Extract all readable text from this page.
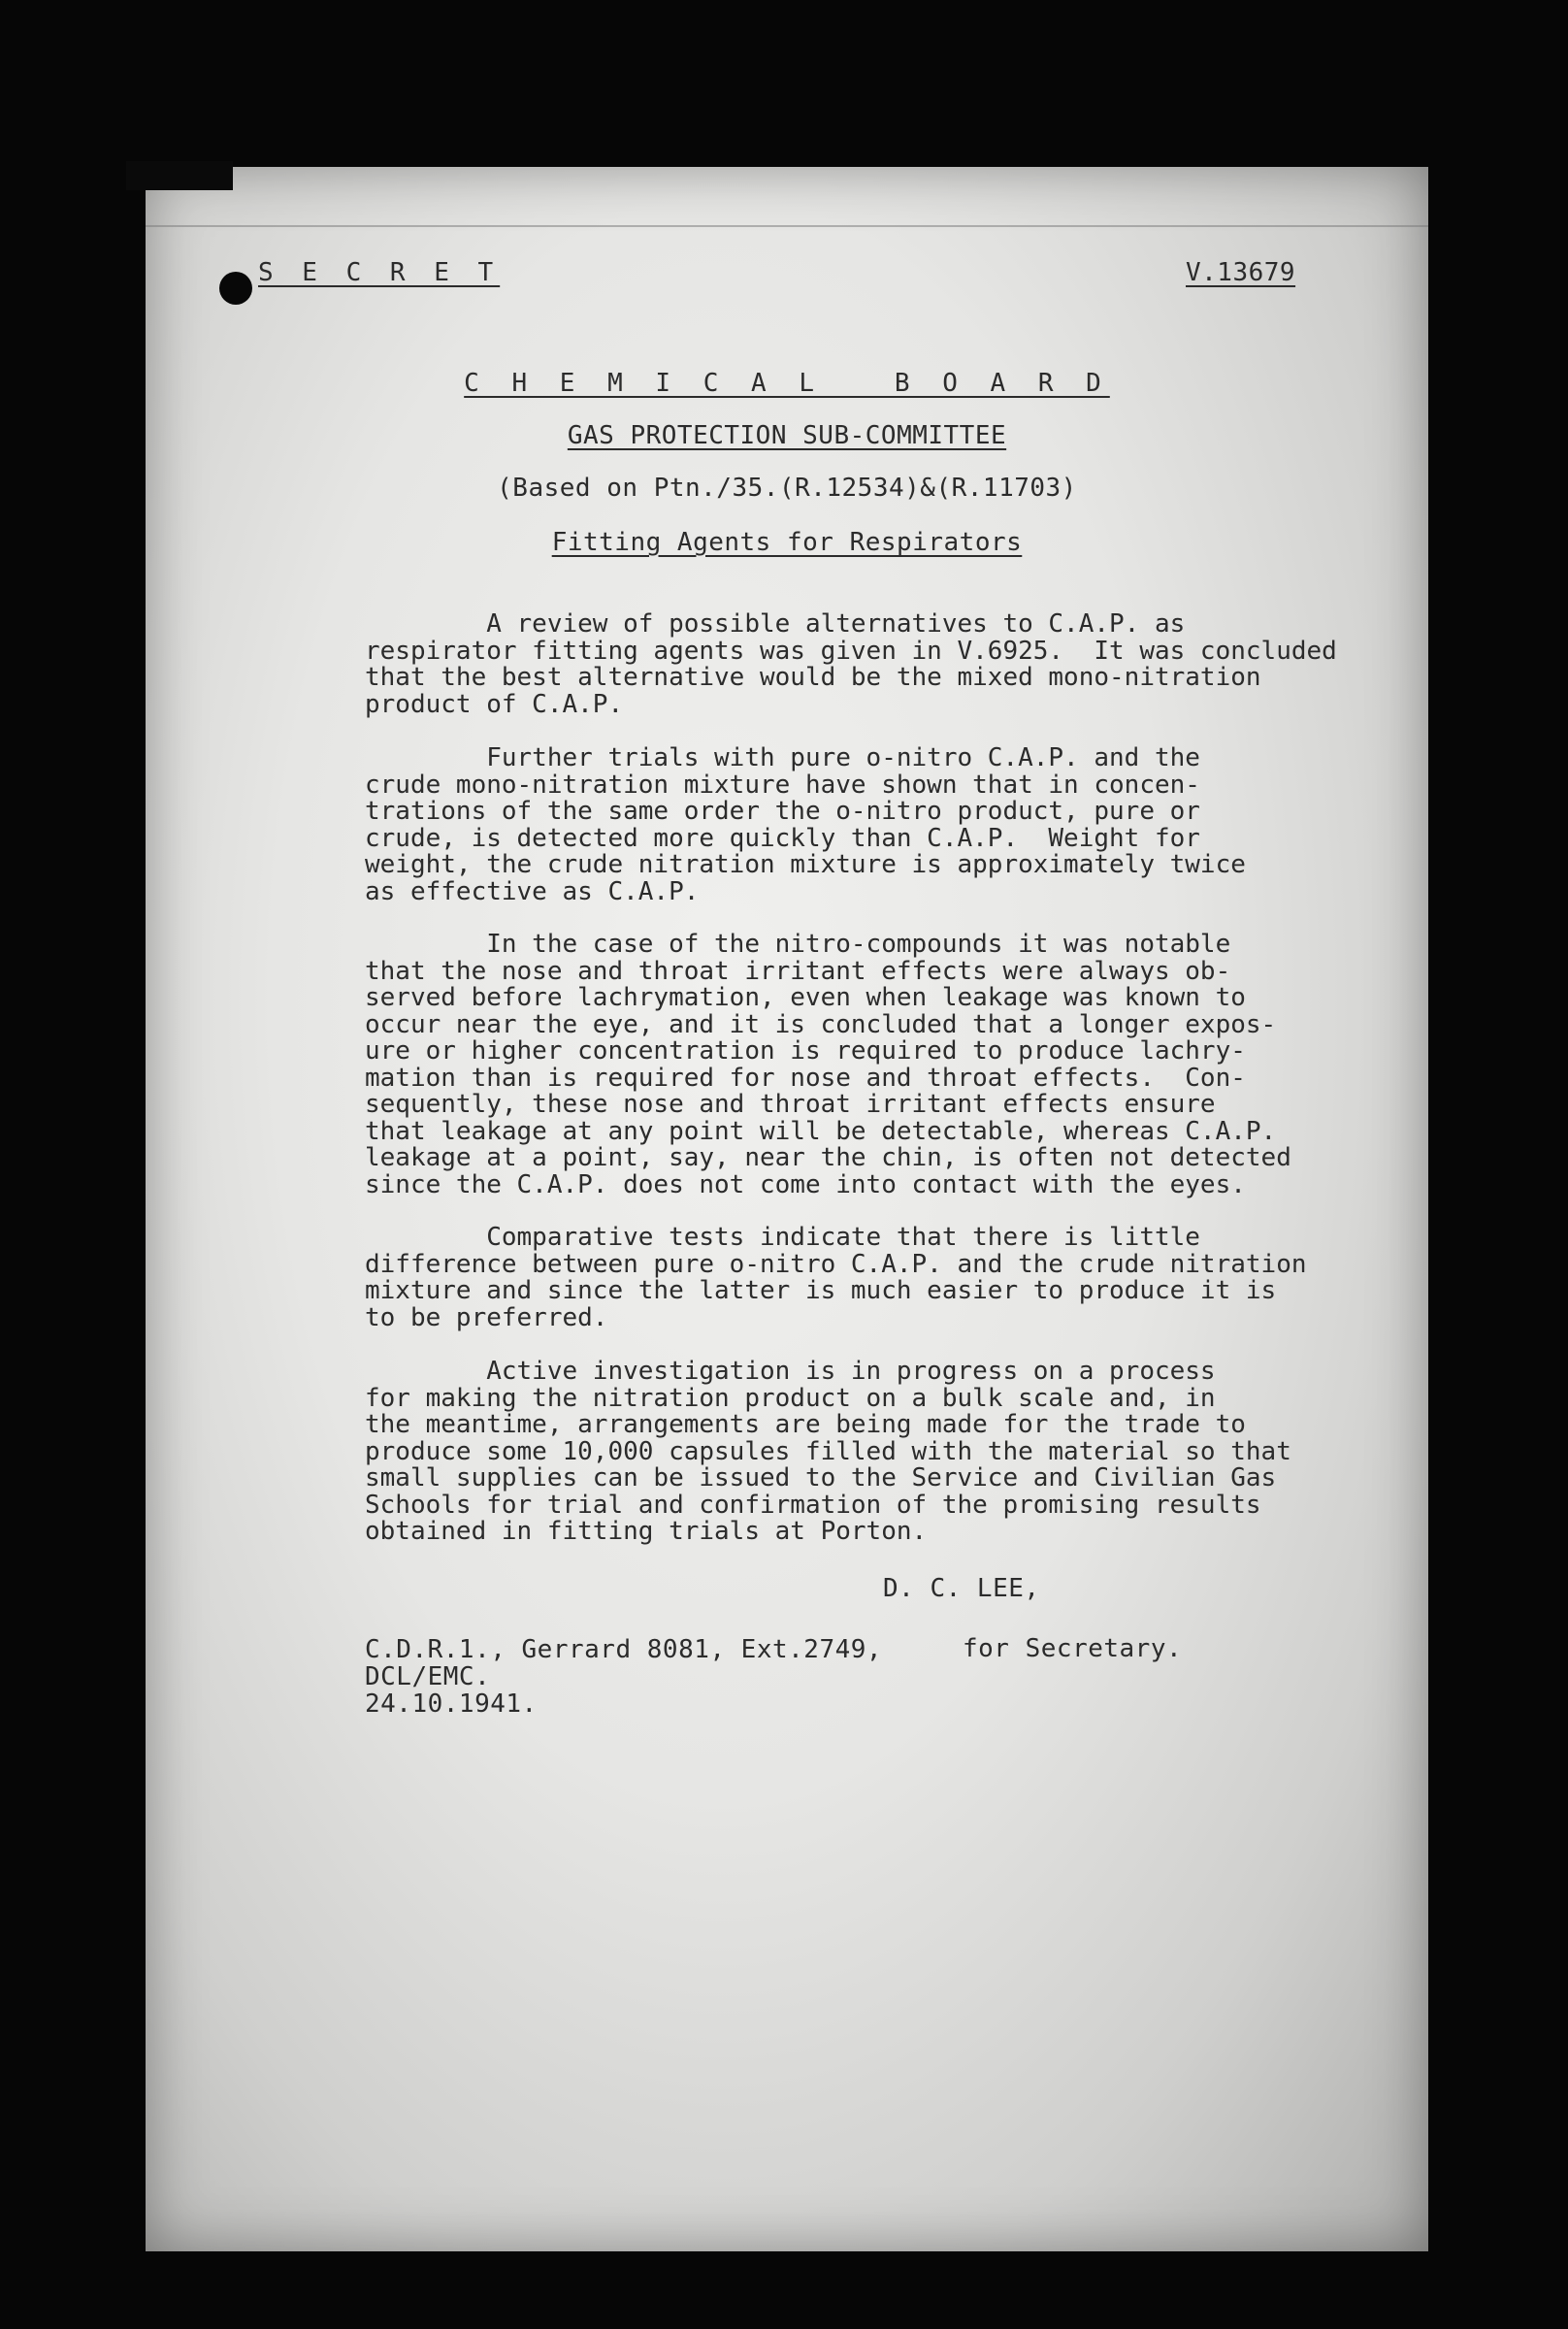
S E C R E T	V.13679
C H E M I C A L   B O A R D
GAS PROTECTION SUB-COMMITTEE
(Based on Ptn./35.(R.12534)&(R.11703)
Fitting Agents for Respirators
A review of possible alternatives to C.A.P. as
respirator fitting agents was given in V.6925.  It was concluded
that the best alternative would be the mixed mono-nitration
product of C.A.P.
Further trials with pure o-nitro C.A.P. and the
crude mono-nitration mixture have shown that in concen-
trations of the same order the o-nitro product, pure or
crude, is detected more quickly than C.A.P.  Weight for
weight, the crude nitration mixture is approximately twice
as effective as C.A.P.
In the case of the nitro-compounds it was notable
that the nose and throat irritant effects were always ob-
served before lachrymation, even when leakage was known to
occur near the eye, and it is concluded that a longer expos-
ure or higher concentration is required to produce lachry-
mation than is required for nose and throat effects.  Con-
sequently, these nose and throat irritant effects ensure
that leakage at any point will be detectable, whereas C.A.P.
leakage at a point, say, near the chin, is often not detected
since the C.A.P. does not come into contact with the eyes.
Comparative tests indicate that there is little
difference between pure o-nitro C.A.P. and the crude nitration
mixture and since the latter is much easier to produce it is
to be preferred.
Active investigation is in progress on a process
for making the nitration product on a bulk scale and, in
the meantime, arrangements are being made for the trade to
produce some 10,000 capsules filled with the material so that
small supplies can be issued to the Service and Civilian Gas
Schools for trial and confirmation of the promising results
obtained in fitting trials at Porton.
D. C. LEE,
C.D.R.1., Gerrard 8081, Ext.2749,
DCL/EMC.
24.10.1941.
for Secretary.
